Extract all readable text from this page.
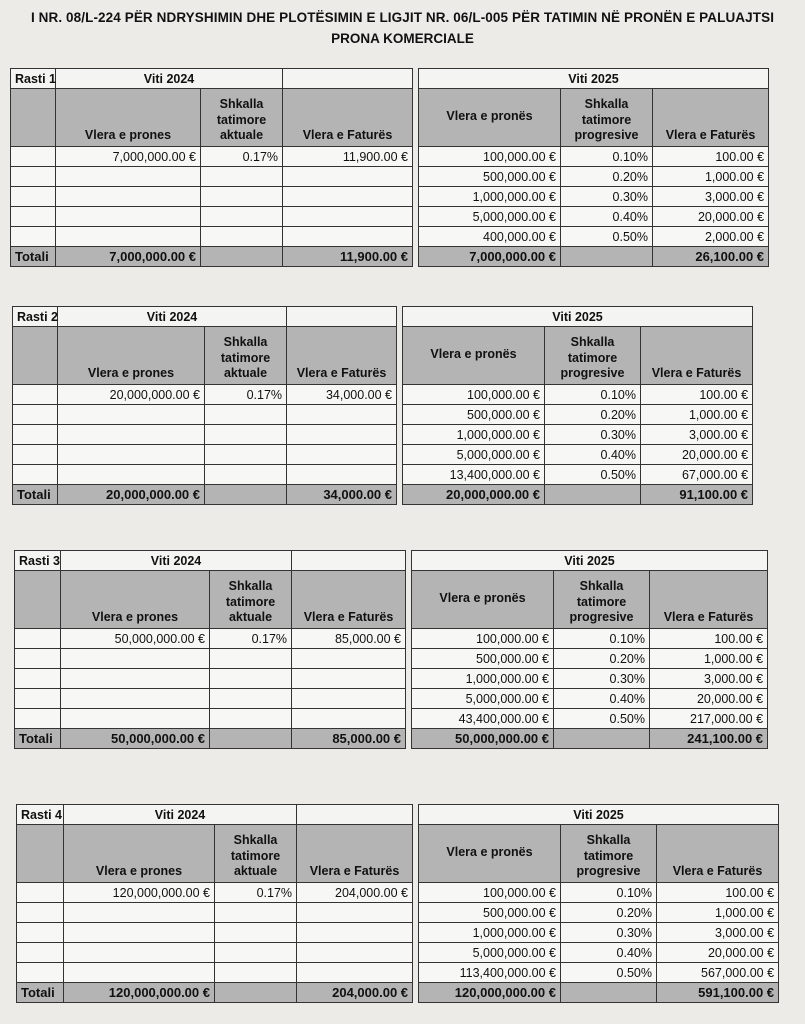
I NR. 08/L-224 PËR NDRYSHIMIN DHE PLOTËSIMIN E LIGJIT NR. 06/L-005 PËR TATIMIN NË PRONËN E PALUAJTSI
PRONA KOMERCIALE
Rasti 1	Viti 2024		
	Vlera e prones	Shkalla tatimore aktuale	Vlera e Faturës
	7,000,000.00 €	0.17%	11,900.00 €

Totali	7,000,000.00 €		11,900.00 €
Viti 2025		
Vlera e pronës	Shkalla tatimore progresive	Vlera e Faturës
100,000.00 €	0.10%	100.00 €
500,000.00 €	0.20%	1,000.00 €
1,000,000.00 €	0.30%	3,000.00 €
5,000,000.00 €	0.40%	20,000.00 €
400,000.00 €	0.50%	2,000.00 €
7,000,000.00 €		26,100.00 €
Rasti 2	Viti 2024		
	Vlera e prones	Shkalla tatimore aktuale	Vlera e Faturës
	20,000,000.00 €	0.17%	34,000.00 €

Totali	20,000,000.00 €		34,000.00 €
Viti 2025		
Vlera e pronës	Shkalla tatimore progresive	Vlera e Faturës
100,000.00 €	0.10%	100.00 €
500,000.00 €	0.20%	1,000.00 €
1,000,000.00 €	0.30%	3,000.00 €
5,000,000.00 €	0.40%	20,000.00 €
13,400,000.00 €	0.50%	67,000.00 €
20,000,000.00 €		91,100.00 €
Rasti 3	Viti 2024		
	Vlera e prones	Shkalla tatimore aktuale	Vlera e Faturës
	50,000,000.00 €	0.17%	85,000.00 €

Totali	50,000,000.00 €		85,000.00 €
Viti 2025		
Vlera e pronës	Shkalla tatimore progresive	Vlera e Faturës
100,000.00 €	0.10%	100.00 €
500,000.00 €	0.20%	1,000.00 €
1,000,000.00 €	0.30%	3,000.00 €
5,000,000.00 €	0.40%	20,000.00 €
43,400,000.00 €	0.50%	217,000.00 €
50,000,000.00 €		241,100.00 €
Rasti 4	Viti 2024		
	Vlera e prones	Shkalla tatimore aktuale	Vlera e Faturës
	120,000,000.00 €	0.17%	204,000.00 €

Totali	120,000,000.00 €		204,000.00 €
Viti 2025		
Vlera e pronës	Shkalla tatimore progresive	Vlera e Faturës
100,000.00 €	0.10%	100.00 €
500,000.00 €	0.20%	1,000.00 €
1,000,000.00 €	0.30%	3,000.00 €
5,000,000.00 €	0.40%	20,000.00 €
113,400,000.00 €	0.50%	567,000.00 €
120,000,000.00 €		591,100.00 €
